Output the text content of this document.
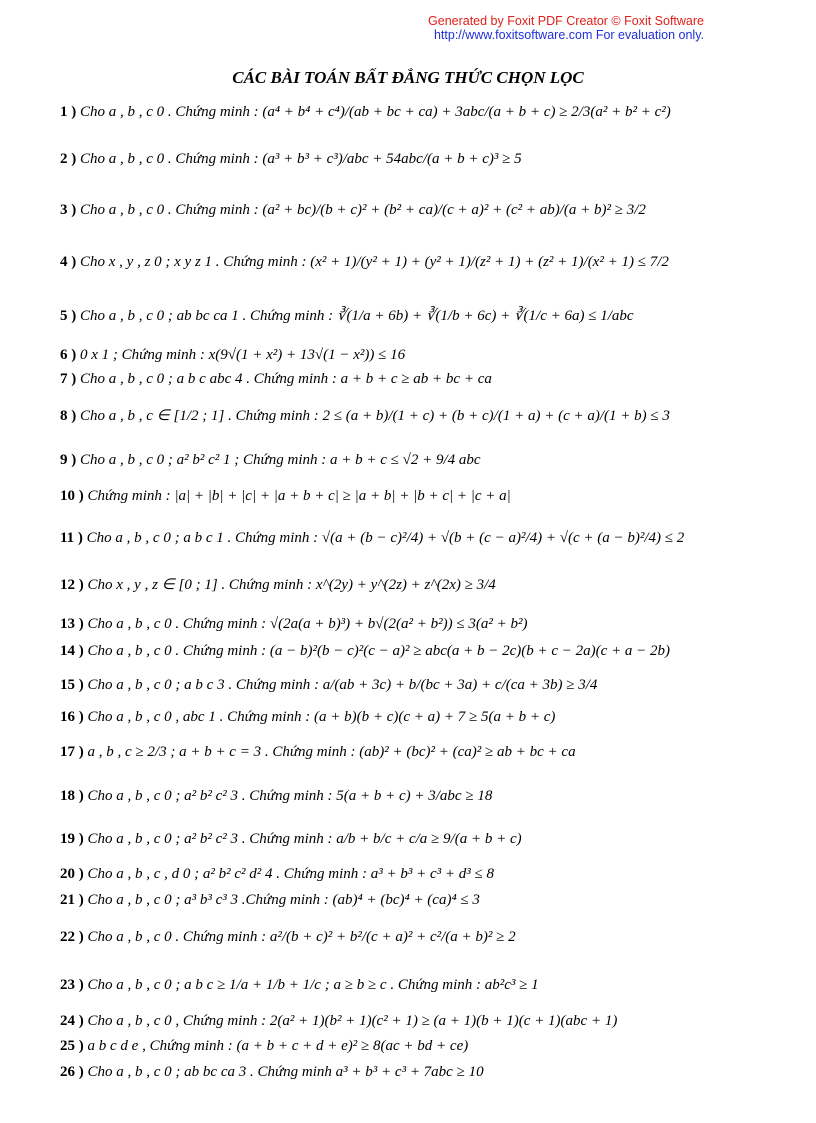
Generated by Foxit PDF Creator © Foxit Software
http://www.foxitsoftware.com For evaluation only.
CÁC BÀI TOÁN BẤT ĐẲNG THỨC CHỌN LỌC
1 ) Cho a , b , c 0 . Chứng minh : (a⁴ + b⁴ + c⁴)/(ab + bc + ca) + 3abc/(a + b + c) ≥ 2/3(a² + b² + c²)
2 ) Cho a , b , c 0 . Chứng minh : (a³ + b³ + c³)/abc + 54abc/(a + b + c)³ ≥ 5
3 ) Cho a , b , c 0 . Chứng minh : (a² + bc)/(b + c)² + (b² + ca)/(c + a)² + (c² + ab)/(a + b)² ≥ 3/2
4 ) Cho x , y , z 0 ; x y z 1 . Chứng minh : (x² + 1)/(y² + 1) + (y² + 1)/(z² + 1) + (z² + 1)/(x² + 1) ≤ 7/2
5 ) Cho a , b , c 0 ; ab bc ca 1 . Chứng minh : ∛(1/a + 6b) + ∛(1/b + 6c) + ∛(1/c + 6a) ≤ 1/abc
6 ) 0 x 1 ; Chứng minh : x(9√(1 + x²) + 13√(1 − x²)) ≤ 16
7 ) Cho a , b , c 0 ; a b c abc 4 . Chứng minh : a + b + c ≥ ab + bc + ca
8 ) Cho a , b , c ∈ [1/2 ; 1] . Chứng minh : 2 ≤ (a + b)/(1 + c) + (b + c)/(1 + a) + (c + a)/(1 + b) ≤ 3
9 ) Cho a , b , c 0 ; a² b² c² 1 ; Chứng minh : a + b + c ≤ √2 + 9/4 abc
10 ) Chứng minh : |a| + |b| + |c| + |a + b + c| ≥ |a + b| + |b + c| + |c + a|
11 ) Cho a , b , c 0 ; a b c 1 . Chứng minh : √(a + (b − c)²/4) + √(b + (c − a)²/4) + √(c + (a − b)²/4) ≤ 2
12 ) Cho x , y , z ∈ [0 ; 1] . Chứng minh : x^(2y) + y^(2z) + z^(2x) ≥ 3/4
13 ) Cho a , b , c 0 . Chứng minh : √(2a(a + b)³) + b√(2(a² + b²)) ≤ 3(a² + b²)
14 ) Cho a , b , c 0 . Chứng minh : (a − b)²(b − c)²(c − a)² ≥ abc(a + b − 2c)(b + c − 2a)(c + a − 2b)
15 ) Cho a , b , c 0 ; a b c 3 . Chứng minh : a/(ab + 3c) + b/(bc + 3a) + c/(ca + 3b) ≥ 3/4
16 ) Cho a , b , c 0 , abc 1 . Chứng minh : (a + b)(b + c)(c + a) + 7 ≥ 5(a + b + c)
17 ) a , b , c ≥ 2/3 ; a + b + c = 3 . Chứng minh : (ab)² + (bc)² + (ca)² ≥ ab + bc + ca
18 ) Cho a , b , c 0 ; a² b² c² 3 . Chứng minh : 5(a + b + c) + 3/abc ≥ 18
19 ) Cho a , b , c 0 ; a² b² c² 3 . Chứng minh : a/b + b/c + c/a ≥ 9/(a + b + c)
20 ) Cho a , b , c , d 0 ; a² b² c² d² 4 . Chứng minh : a³ + b³ + c³ + d³ ≤ 8
21 ) Cho a , b , c 0 ; a³ b³ c³ 3 .Chứng minh : (ab)⁴ + (bc)⁴ + (ca)⁴ ≤ 3
22 ) Cho a , b , c 0 . Chứng minh : a²/(b + c)² + b²/(c + a)² + c²/(a + b)² ≥ 2
23 ) Cho a , b , c 0 ; a b c ≥ 1/a + 1/b + 1/c ; a ≥ b ≥ c . Chứng minh : ab²c³ ≥ 1
24 ) Cho a , b , c 0 , Chứng minh : 2(a² + 1)(b² + 1)(c² + 1) ≥ (a + 1)(b + 1)(c + 1)(abc + 1)
25 ) a b c d e , Chứng minh : (a + b + c + d + e)² ≥ 8(ac + bd + ce)
26 ) Cho a , b , c 0 ; ab bc ca 3 . Chứng minh a³ + b³ + c³ + 7abc ≥ 10
